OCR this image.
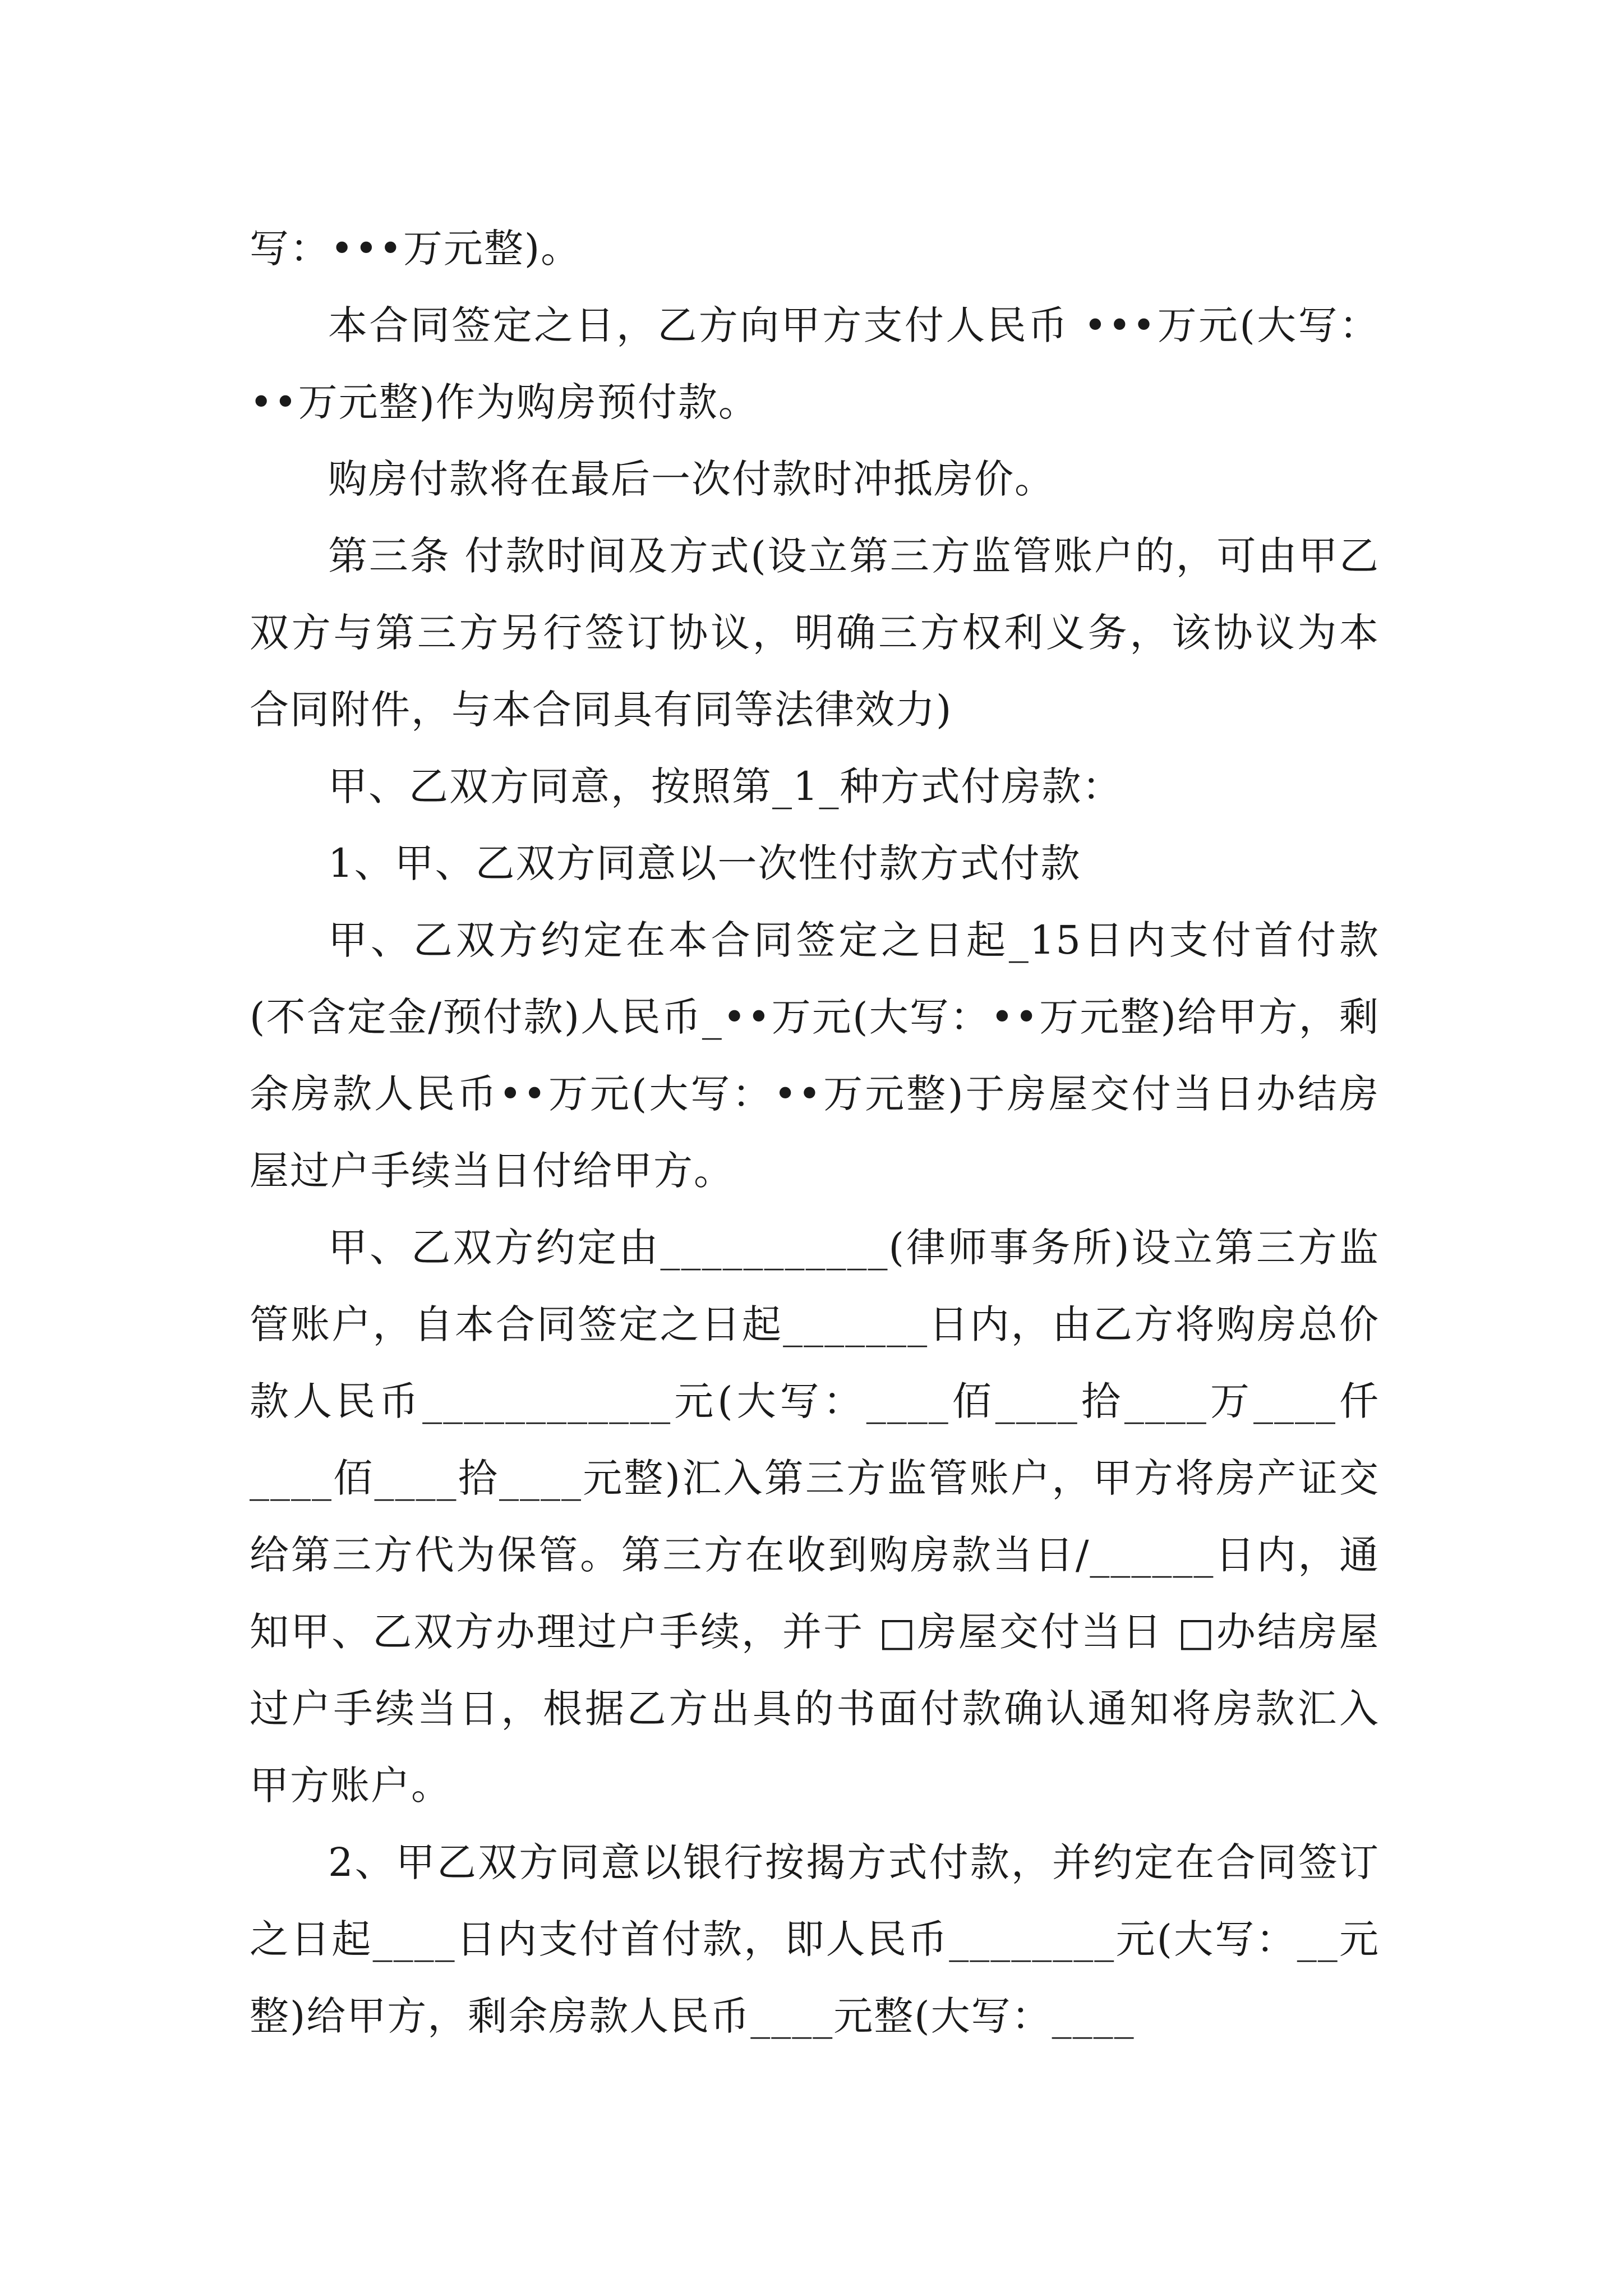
写：•••万元整)。

本合同签定之日，乙方向甲方支付人民币 •••万元(大写：••万元整)作为购房预付款。

购房付款将在最后一次付款时冲抵房价。

第三条 付款时间及方式(设立第三方监管账户的，可由甲乙双方与第三方另行签订协议，明确三方权利义务，该协议为本合同附件，与本合同具有同等法律效力)

甲、乙双方同意，按照第_1_种方式付房款：

1、甲、乙双方同意以一次性付款方式付款

甲、乙双方约定在本合同签定之日起_15日内支付首付款(不含定金/预付款)人民币_••万元(大写：••万元整)给甲方，剩余房款人民币••万元(大写：••万元整)于房屋交付当日办结房屋过户手续当日付给甲方。

甲、乙双方约定由___________(律师事务所)设立第三方监管账户，自本合同签定之日起_______日内，由乙方将购房总价款人民币____________元(大写：____佰____拾____万____仟____佰____拾____元整)汇入第三方监管账户，甲方将房产证交给第三方代为保管。第三方在收到购房款当日/______日内，通知甲、乙双方办理过户手续，并于 □房屋交付当日 □办结房屋过户手续当日，根据乙方出具的书面付款确认通知将房款汇入甲方账户。

2、甲乙双方同意以银行按揭方式付款，并约定在合同签订之日起____日内支付首付款，即人民币________元(大写：__元整)给甲方，剩余房款人民币____元整(大写：____
